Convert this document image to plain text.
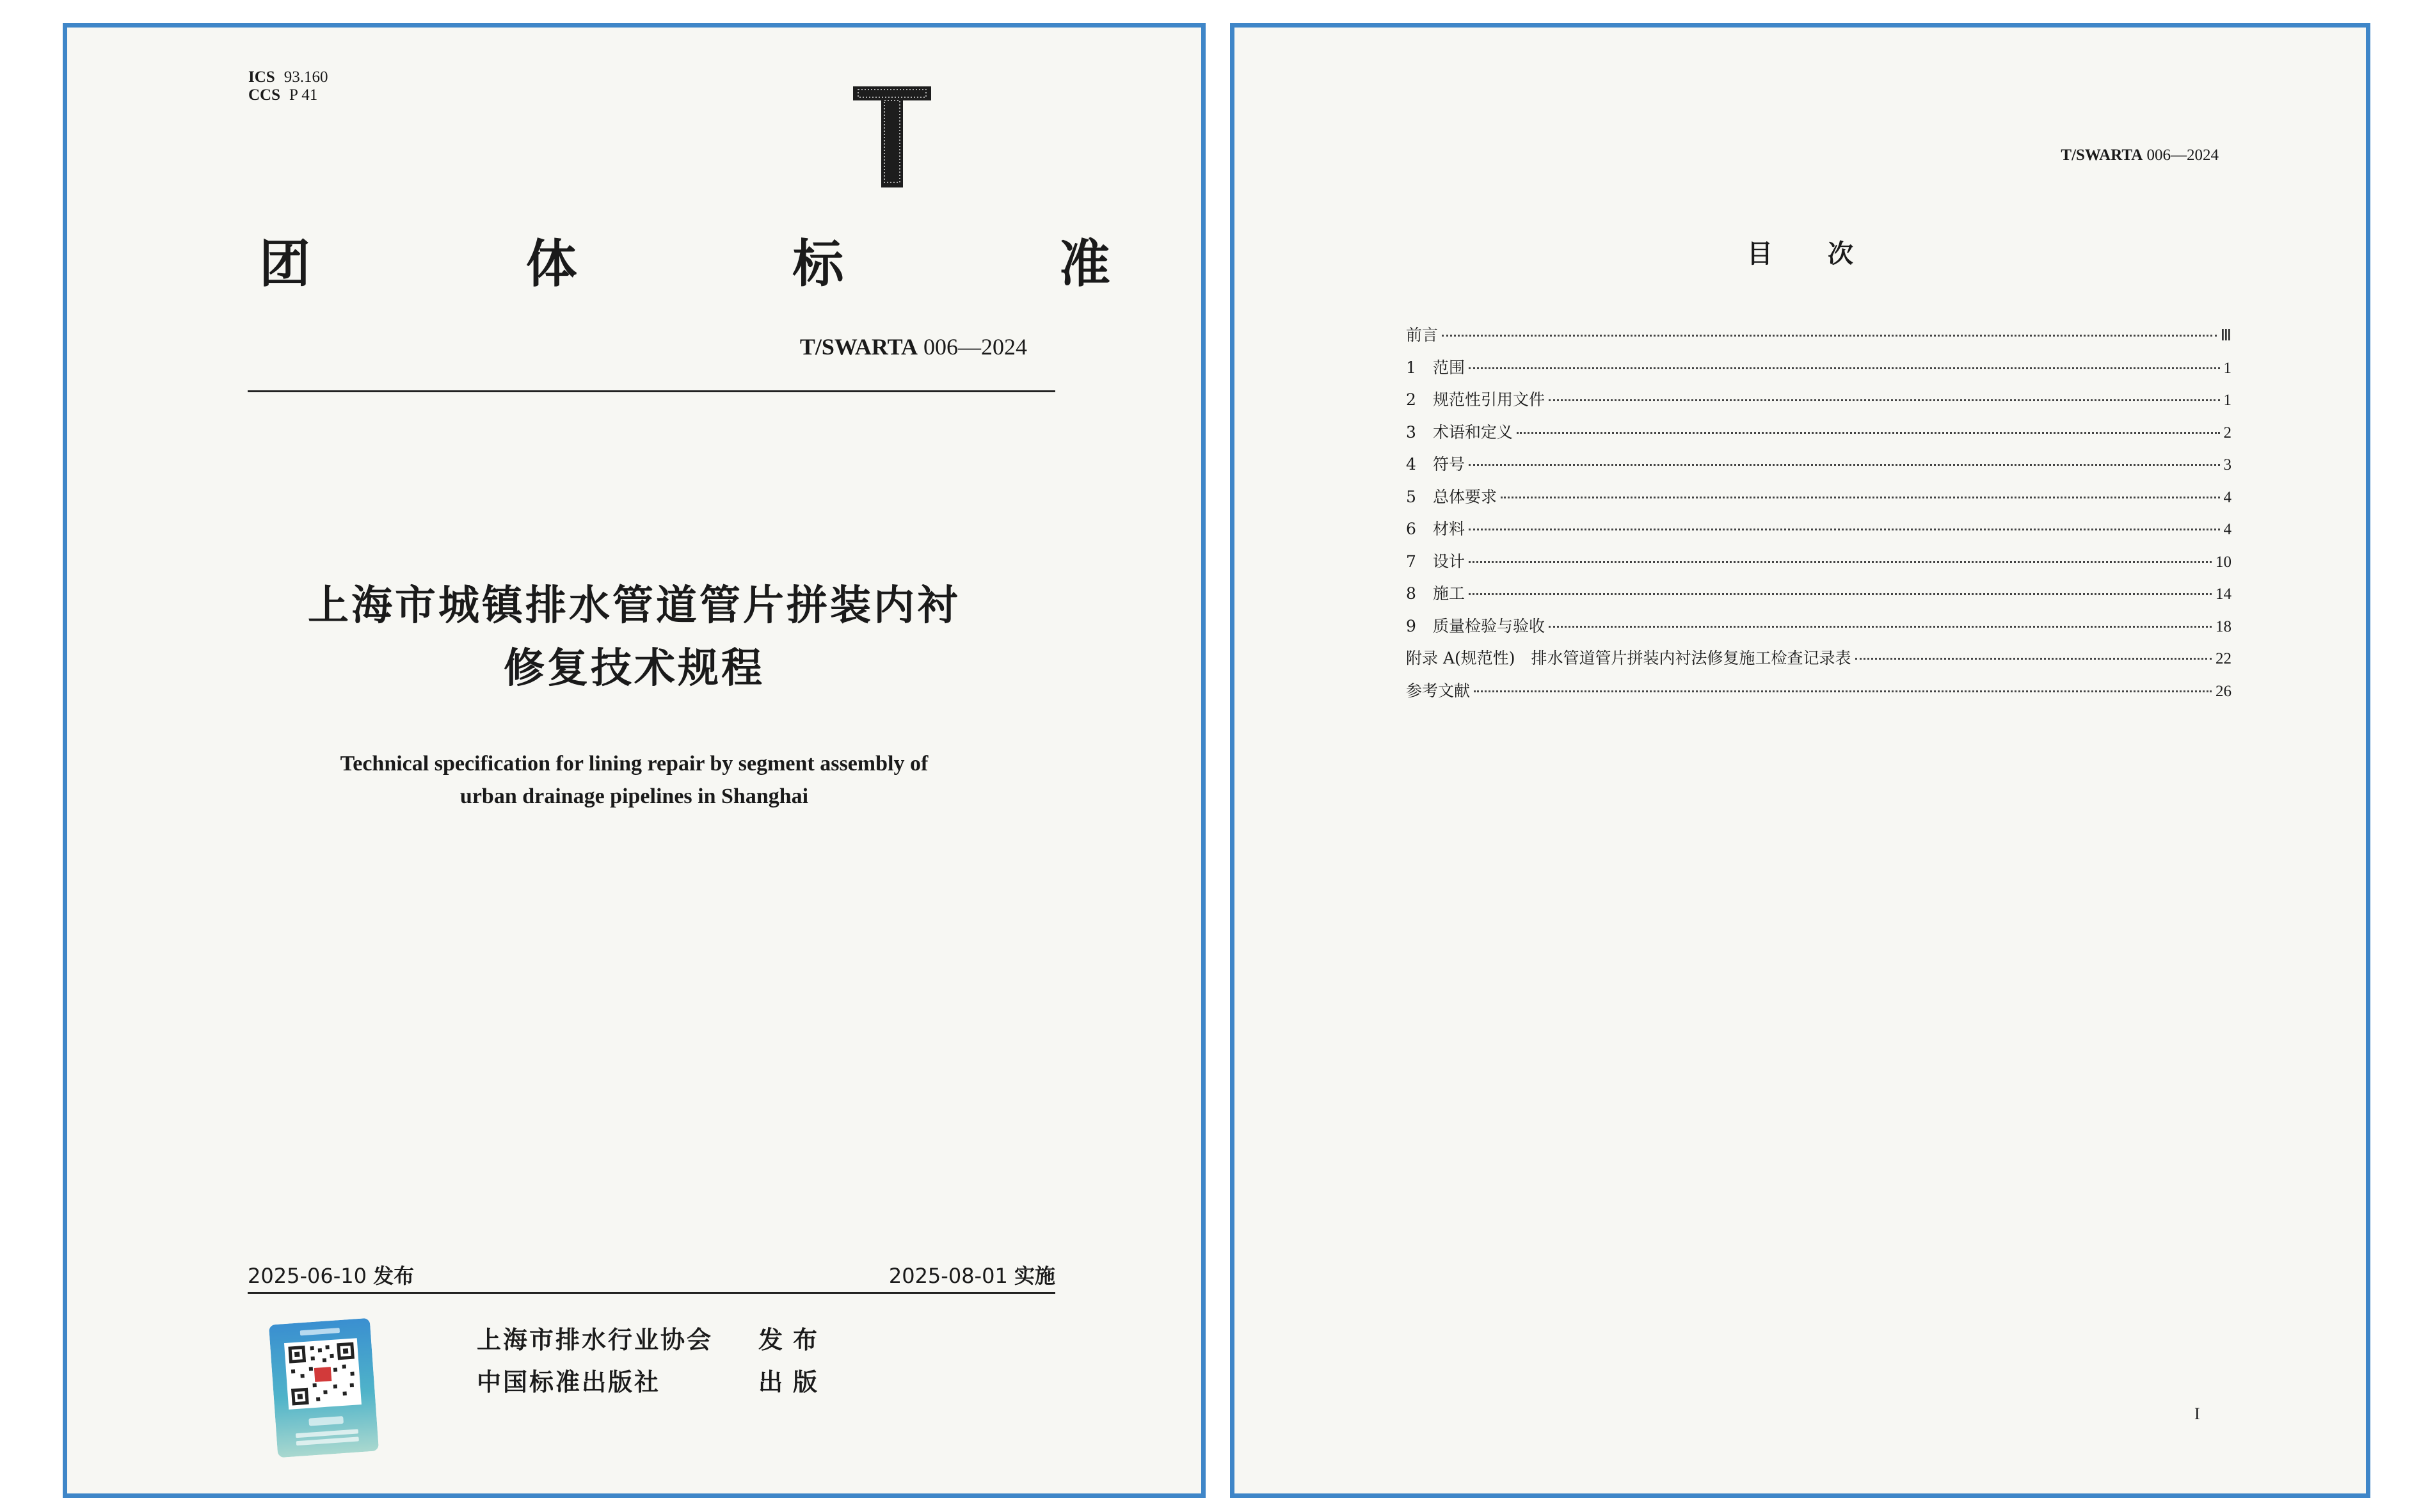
ICS 93.160
CCS P 41
团	体	标	准
T/SWARTA 006—2024
上海市城镇排水管道管片拼装内衬
修复技术规程
Technical specification for lining repair by segment assembly of
urban drainage pipelines in Shanghai
2025-06-10 发布	2025-08-01 实施
上海市排水行业协会	发布
中国标准出版社	出版
T/SWARTA 006—2024
目次
前言	Ⅲ
1	范围	1
2	规范性引用文件	1
3	术语和定义	2
4	符号	3
5	总体要求	4
6	材料	4
7	设计	10
8	施工	14
9	质量检验与验收	18
附录 A(规范性)　排水管道管片拼装内衬法修复施工检查记录表	22
参考文献	26
I
